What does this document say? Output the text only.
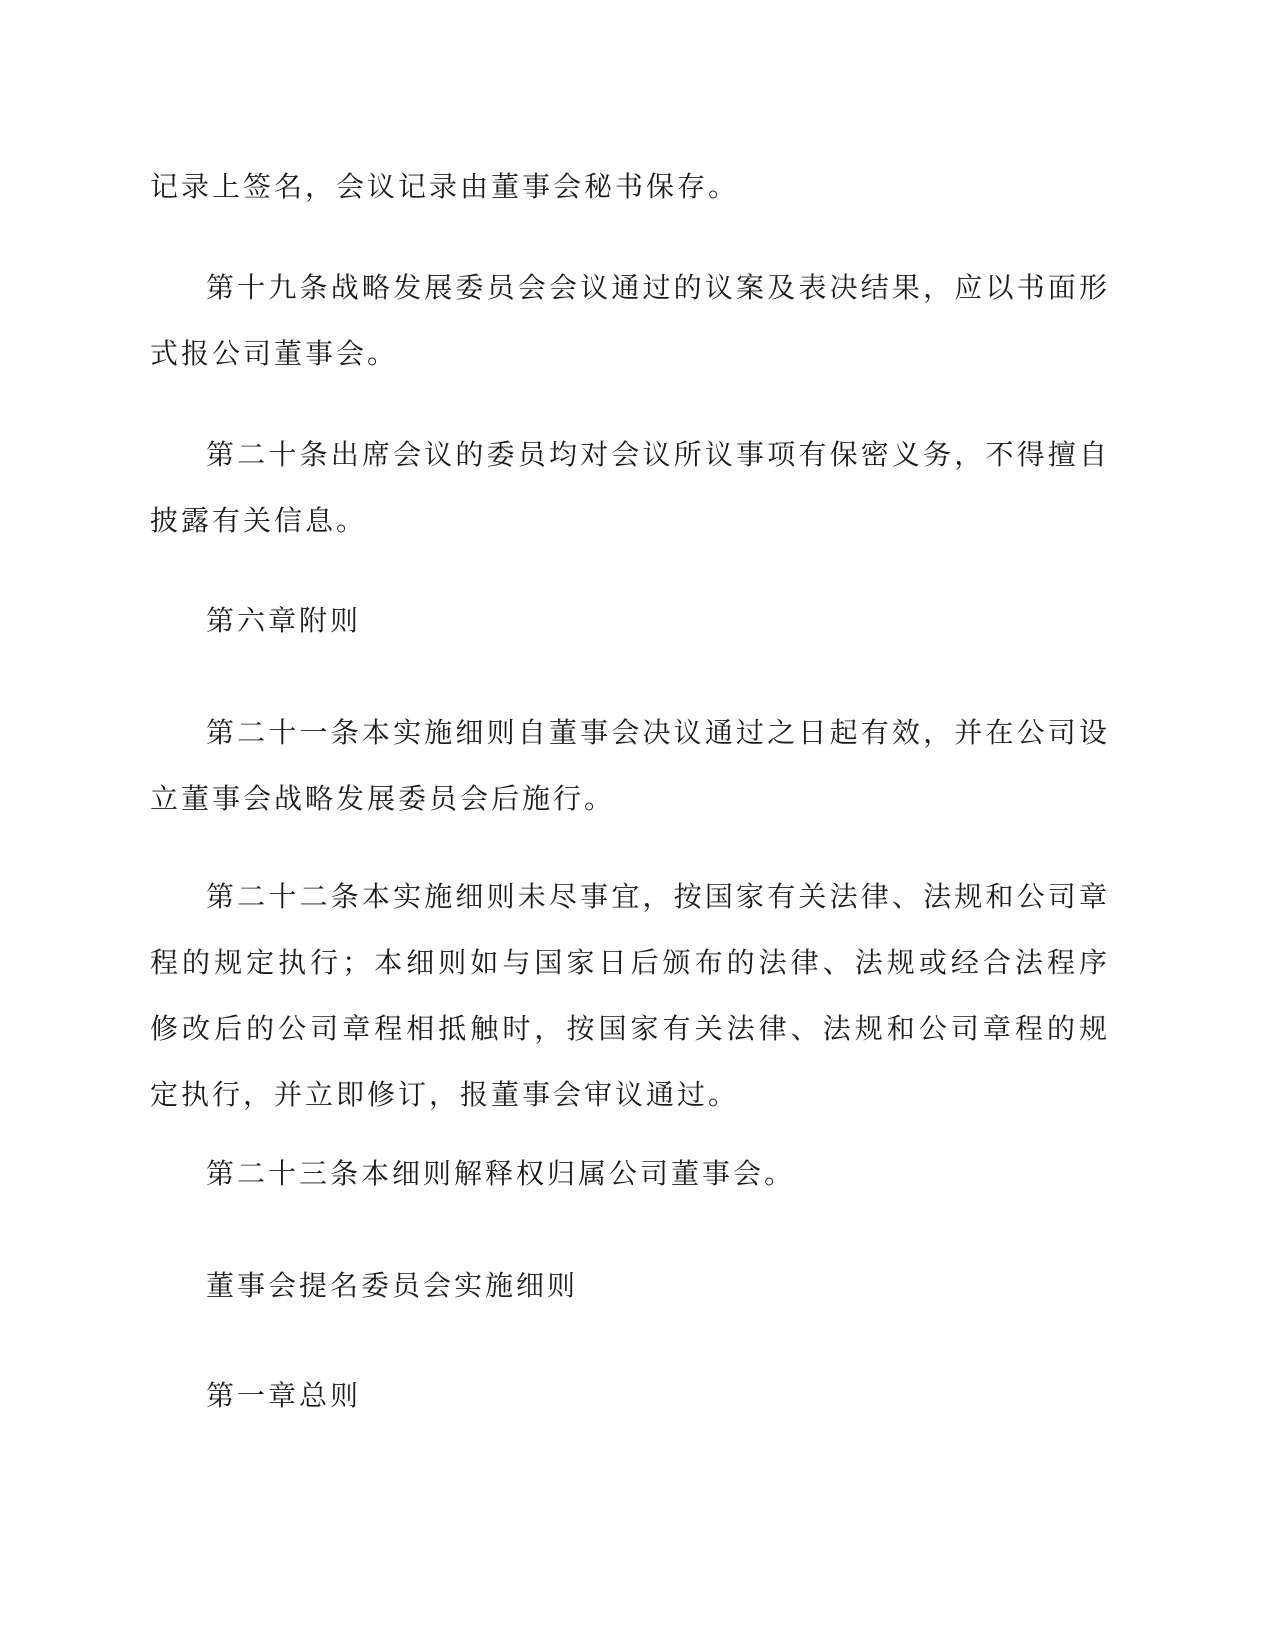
记录上签名，会议记录由董事会秘书保存。

第十九条战略发展委员会会议通过的议案及表决结果，应以书面形式报公司董事会。

第二十条出席会议的委员均对会议所议事项有保密义务，不得擅自披露有关信息。

第六章附则

第二十一条本实施细则自董事会决议通过之日起有效，并在公司设立董事会战略发展委员会后施行。

第二十二条本实施细则未尽事宜，按国家有关法律、法规和公司章程的规定执行；本细则如与国家日后颁布的法律、法规或经合法程序修改后的公司章程相抵触时，按国家有关法律、法规和公司章程的规定执行，并立即修订，报董事会审议通过。

第二十三条本细则解释权归属公司董事会。

董事会提名委员会实施细则

第一章总则
